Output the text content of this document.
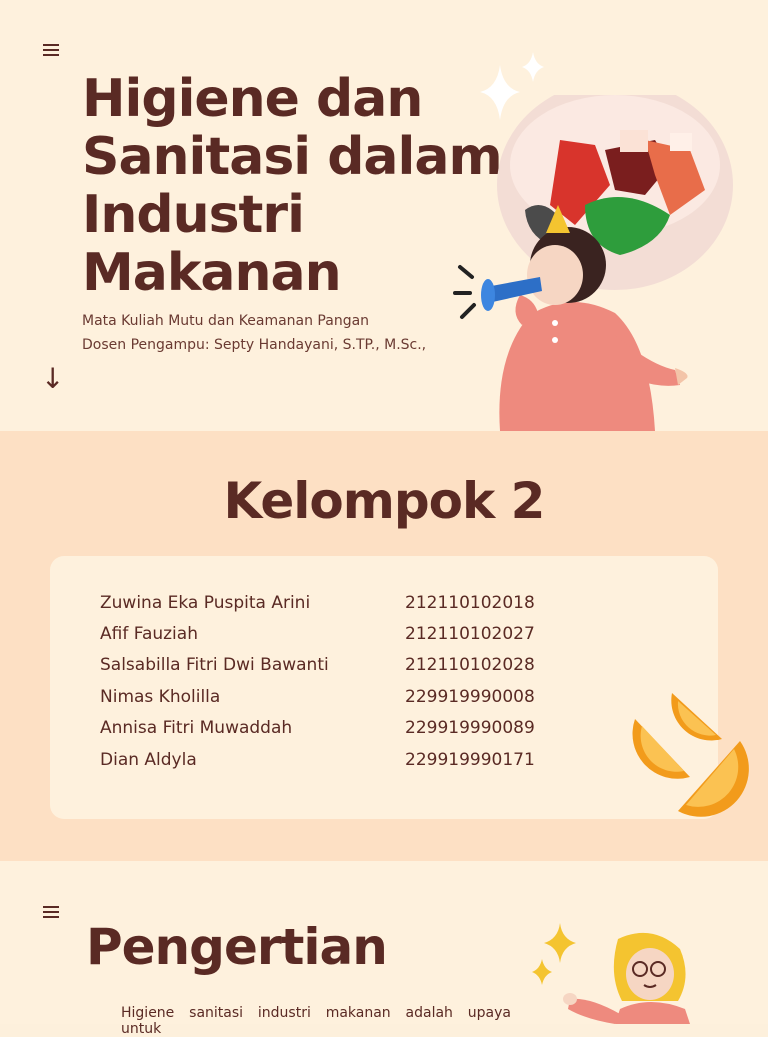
Higiene dan
Sanitasi dalam
Industri
Makanan
Mata Kuliah Mutu dan Keamanan Pangan
Dosen Pengampu: Septy Handayani, S.TP., M.Sc.,
↓
Kelompok 2
Zuwina Eka Puspita Arini	212110102018
Afif Fauziah	212110102027
Salsabilla Fitri Dwi Bawanti	212110102028
Nimas Kholilla	229919990008
Annisa Fitri Muwaddah	229919990089
Dian Aldyla	229919990171
Pengertian
Higiene sanitasi industri makanan adalah upaya untuk
